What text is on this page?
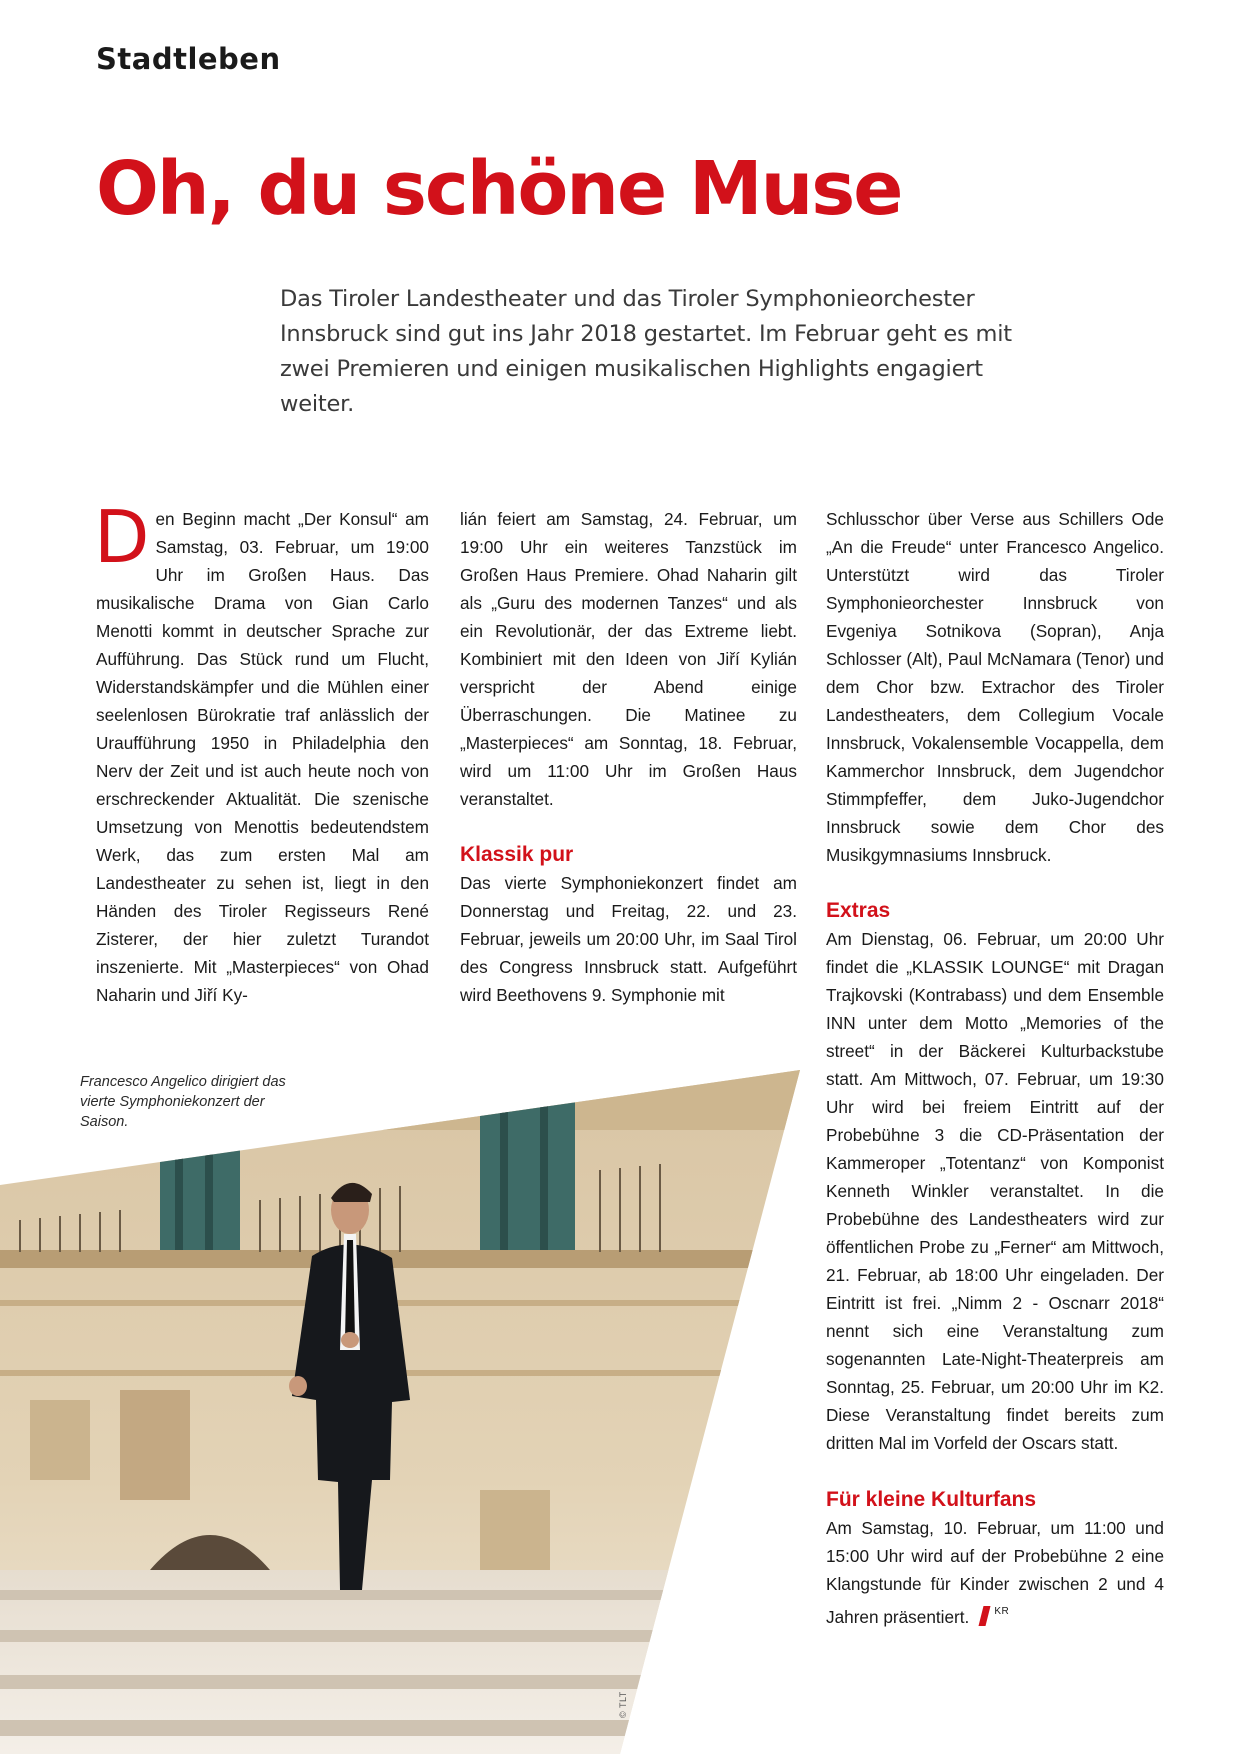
Stadtleben
Oh, du schöne Muse

Das Tiroler Landestheater und das Tiroler Symphonieorchester Innsbruck sind gut ins Jahr 2018 gestartet. Im Februar geht es mit zwei Premieren und einigen musikalischen Highlights engagiert weiter.

Den Beginn macht „Der Konsul“ am Samstag, 03. Februar, um 19:00 Uhr im Großen Haus. Das musikalische Drama von Gian Carlo Menotti kommt in deutscher Sprache zur Aufführung. Das Stück rund um Flucht, Widerstandskämpfer und die Mühlen einer seelenlosen Bürokratie traf anlässlich der Uraufführung 1950 in Philadelphia den Nerv der Zeit und ist auch heute noch von erschreckender Aktualität. Die szenische Umsetzung von Menottis bedeutendstem Werk, das zum ersten Mal am Landestheater zu sehen ist, liegt in den Händen des Tiroler Regisseurs René Zisterer, der hier zuletzt Turandot inszenierte. Mit „Masterpieces“ von Ohad Naharin und Jiří Ky-

lián feiert am Samstag, 24. Februar, um 19:00 Uhr ein weiteres Tanzstück im Großen Haus Premiere. Ohad Naharin gilt als „Guru des modernen Tanzes“ und als ein Revolutionär, der das Extreme liebt. Kombiniert mit den Ideen von Jiří Kylián verspricht der Abend einige Überraschungen. Die Matinee zu „Masterpieces“ am Sonntag, 18. Februar, wird um 11:00 Uhr im Großen Haus veranstaltet.

Klassik pur

Das vierte Symphoniekonzert findet am Donnerstag und Freitag, 22. und 23. Februar, jeweils um 20:00 Uhr, im Saal Tirol des Congress Innsbruck statt. Aufgeführt wird Beethovens 9. Symphonie mit

Schlusschor über Verse aus Schillers Ode „An die Freude“ unter Francesco Angelico. Unterstützt wird das Tiroler Symphonieorchester Innsbruck von Evgeniya Sotnikova (Sopran), Anja Schlosser (Alt), Paul McNamara (Tenor) und dem Chor bzw. Extrachor des Tiroler Landestheaters, dem Collegium Vocale Innsbruck, Vokalensemble Vocappella, dem Kammerchor Innsbruck, dem Jugendchor Stimmpfeffer, dem Juko-Jugendchor Innsbruck sowie dem Chor des Musikgymnasiums Innsbruck.

Extras

Am Dienstag, 06. Februar, um 20:00 Uhr findet die „KLASSIK LOUNGE“ mit Dragan Trajkovski (Kontrabass) und dem Ensemble INN unter dem Motto „Memories of the street“ in der Bäckerei Kulturbackstube statt. Am Mittwoch, 07. Februar, um 19:30 Uhr wird bei freiem Eintritt auf der Probebühne 3 die CD-Präsentation der Kammeroper „Totentanz“ von Komponist Kenneth Winkler veranstaltet. In die Probebühne des Landestheaters wird zur öffentlichen Probe zu „Ferner“ am Mittwoch, 21. Februar, ab 18:00 Uhr eingeladen. Der Eintritt ist frei. „Nimm 2 - Oscnarr 2018“ nennt sich eine Veranstaltung zum sogenannten Late-Night-Theaterpreis am Sonntag, 25. Februar, um 20:00 Uhr im K2. Diese Veranstaltung findet bereits zum dritten Mal im Vorfeld der Oscars statt.

Für kleine Kulturfans

Am Samstag, 10. Februar, um 11:00 und 15:00 Uhr wird auf der Probebühne 2 eine Klangstunde für Kinder zwischen 2 und 4 Jahren präsentiert.	$^{KR}$

Francesco Angelico dirigiert das vierte Symphoniekonzert der Saison.

© TLT
